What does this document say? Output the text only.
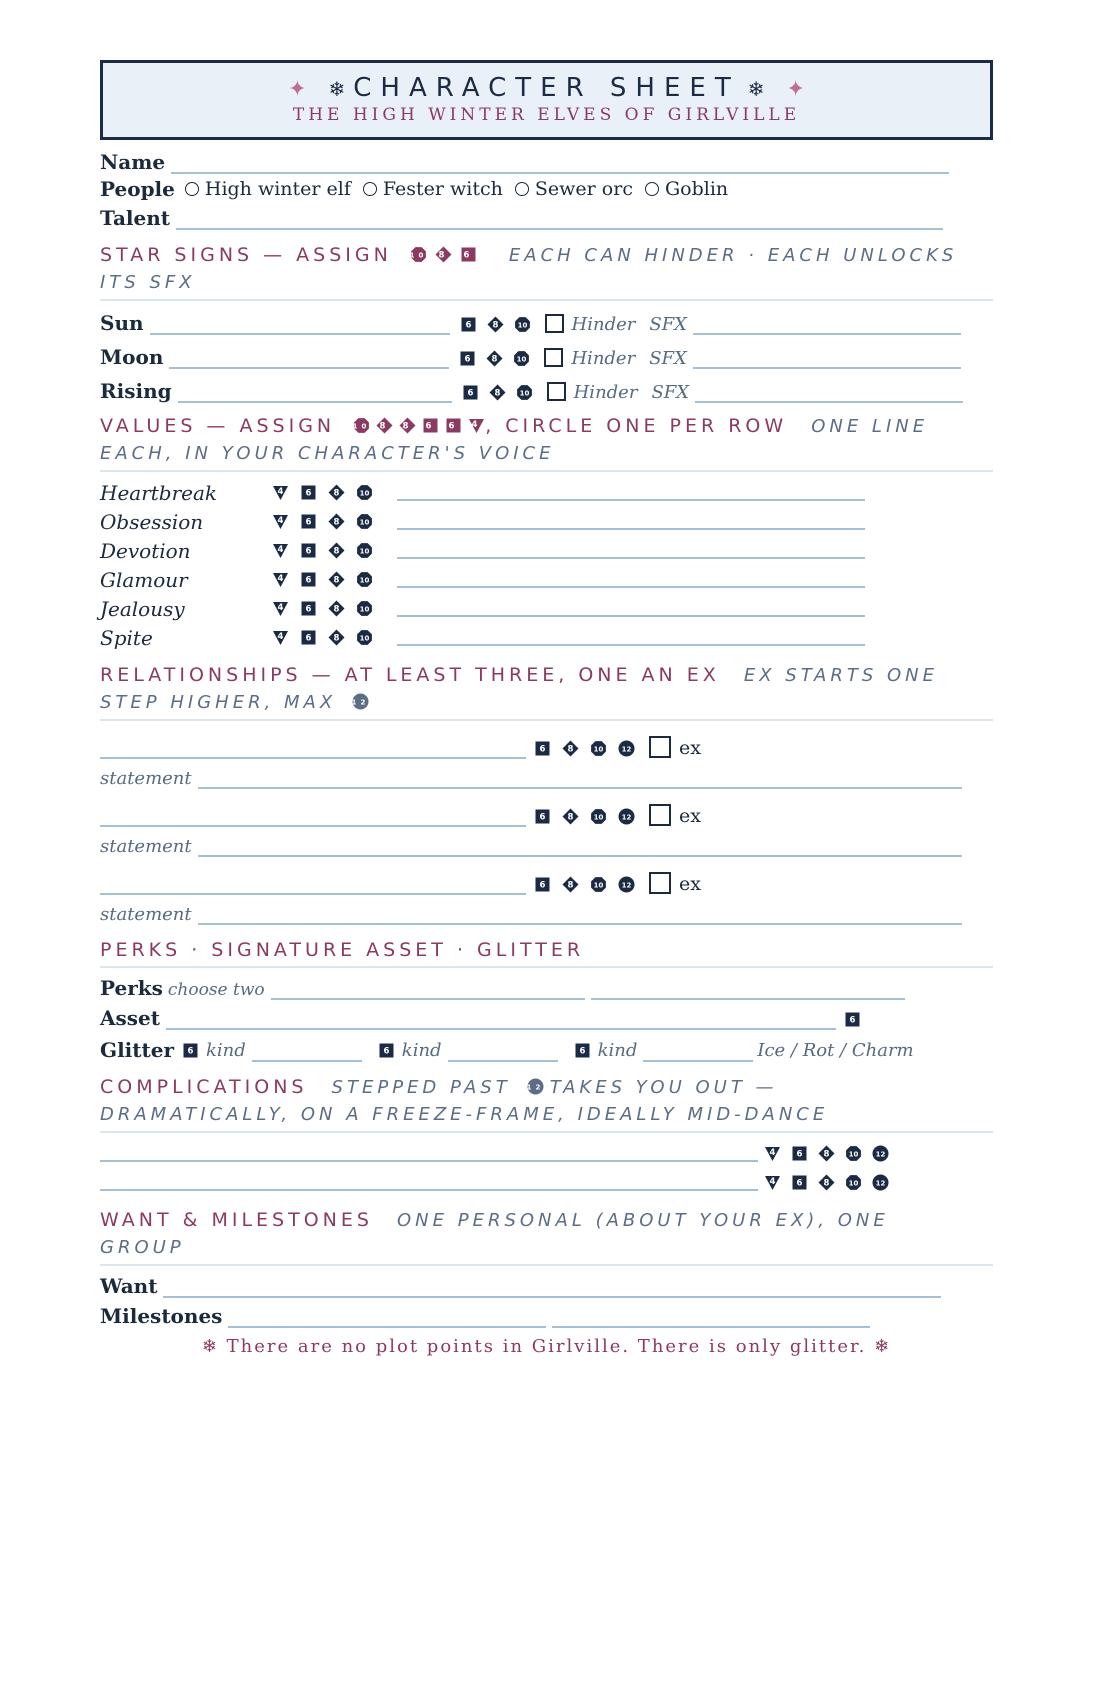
✦ ❄ CHARACTER SHEET ❄ ✦
THE HIGH WINTER ELVES OF GIRLVILLE
Name
People High winter elf Fester witch Sewer orc Goblin
Talent
STAR SIGNS — ASSIGN	10 8 6 EACH CAN HINDER · EACH UNLOCKS
ITS SFX
Sun	6 8	10 Hinder SFX
Moon	6 8	10 Hinder SFX
Rising	6 8	10 Hinder SFX
VALUES — ASSIGN	10 8 8 6 6 4 , CIRCLE ONE PER ROW ONE LINE
EACH, IN YOUR CHARACTER'S VOICE
Heartbreak	4	6	8	10
Obsession	4	6	8	10
Devotion	4	6	8	10
Glamour	4	6	8	10
Jealousy	4	6	8	10
Spite	4	6	8	10
RELATIONSHIPS — AT LEAST THREE, ONE AN EX EX STARTS ONE
STEP HIGHER, MAX 12
6	8	10	12	ex
statement
6	8	10	12	ex
statement
6	8	10	12	ex
statement
PERKS · SIGNATURE ASSET · GLITTER
Perks choose two
Asset	6
Glitter 6 kind	6 kind	6 kind	Ice / Rot / Charm
COMPLICATIONS STEPPED PAST 12 TAKES YOU OUT —
DRAMATICALLY, ON A FREEZE-FRAME, IDEALLY MID-DANCE
4 6 8	10 12
4 6 8	10 12
WANT & MILESTONES ONE PERSONAL (ABOUT YOUR EX), ONE
GROUP
Want
Milestones
❄ There are no plot points in Girlville. There is only glitter. ❄
